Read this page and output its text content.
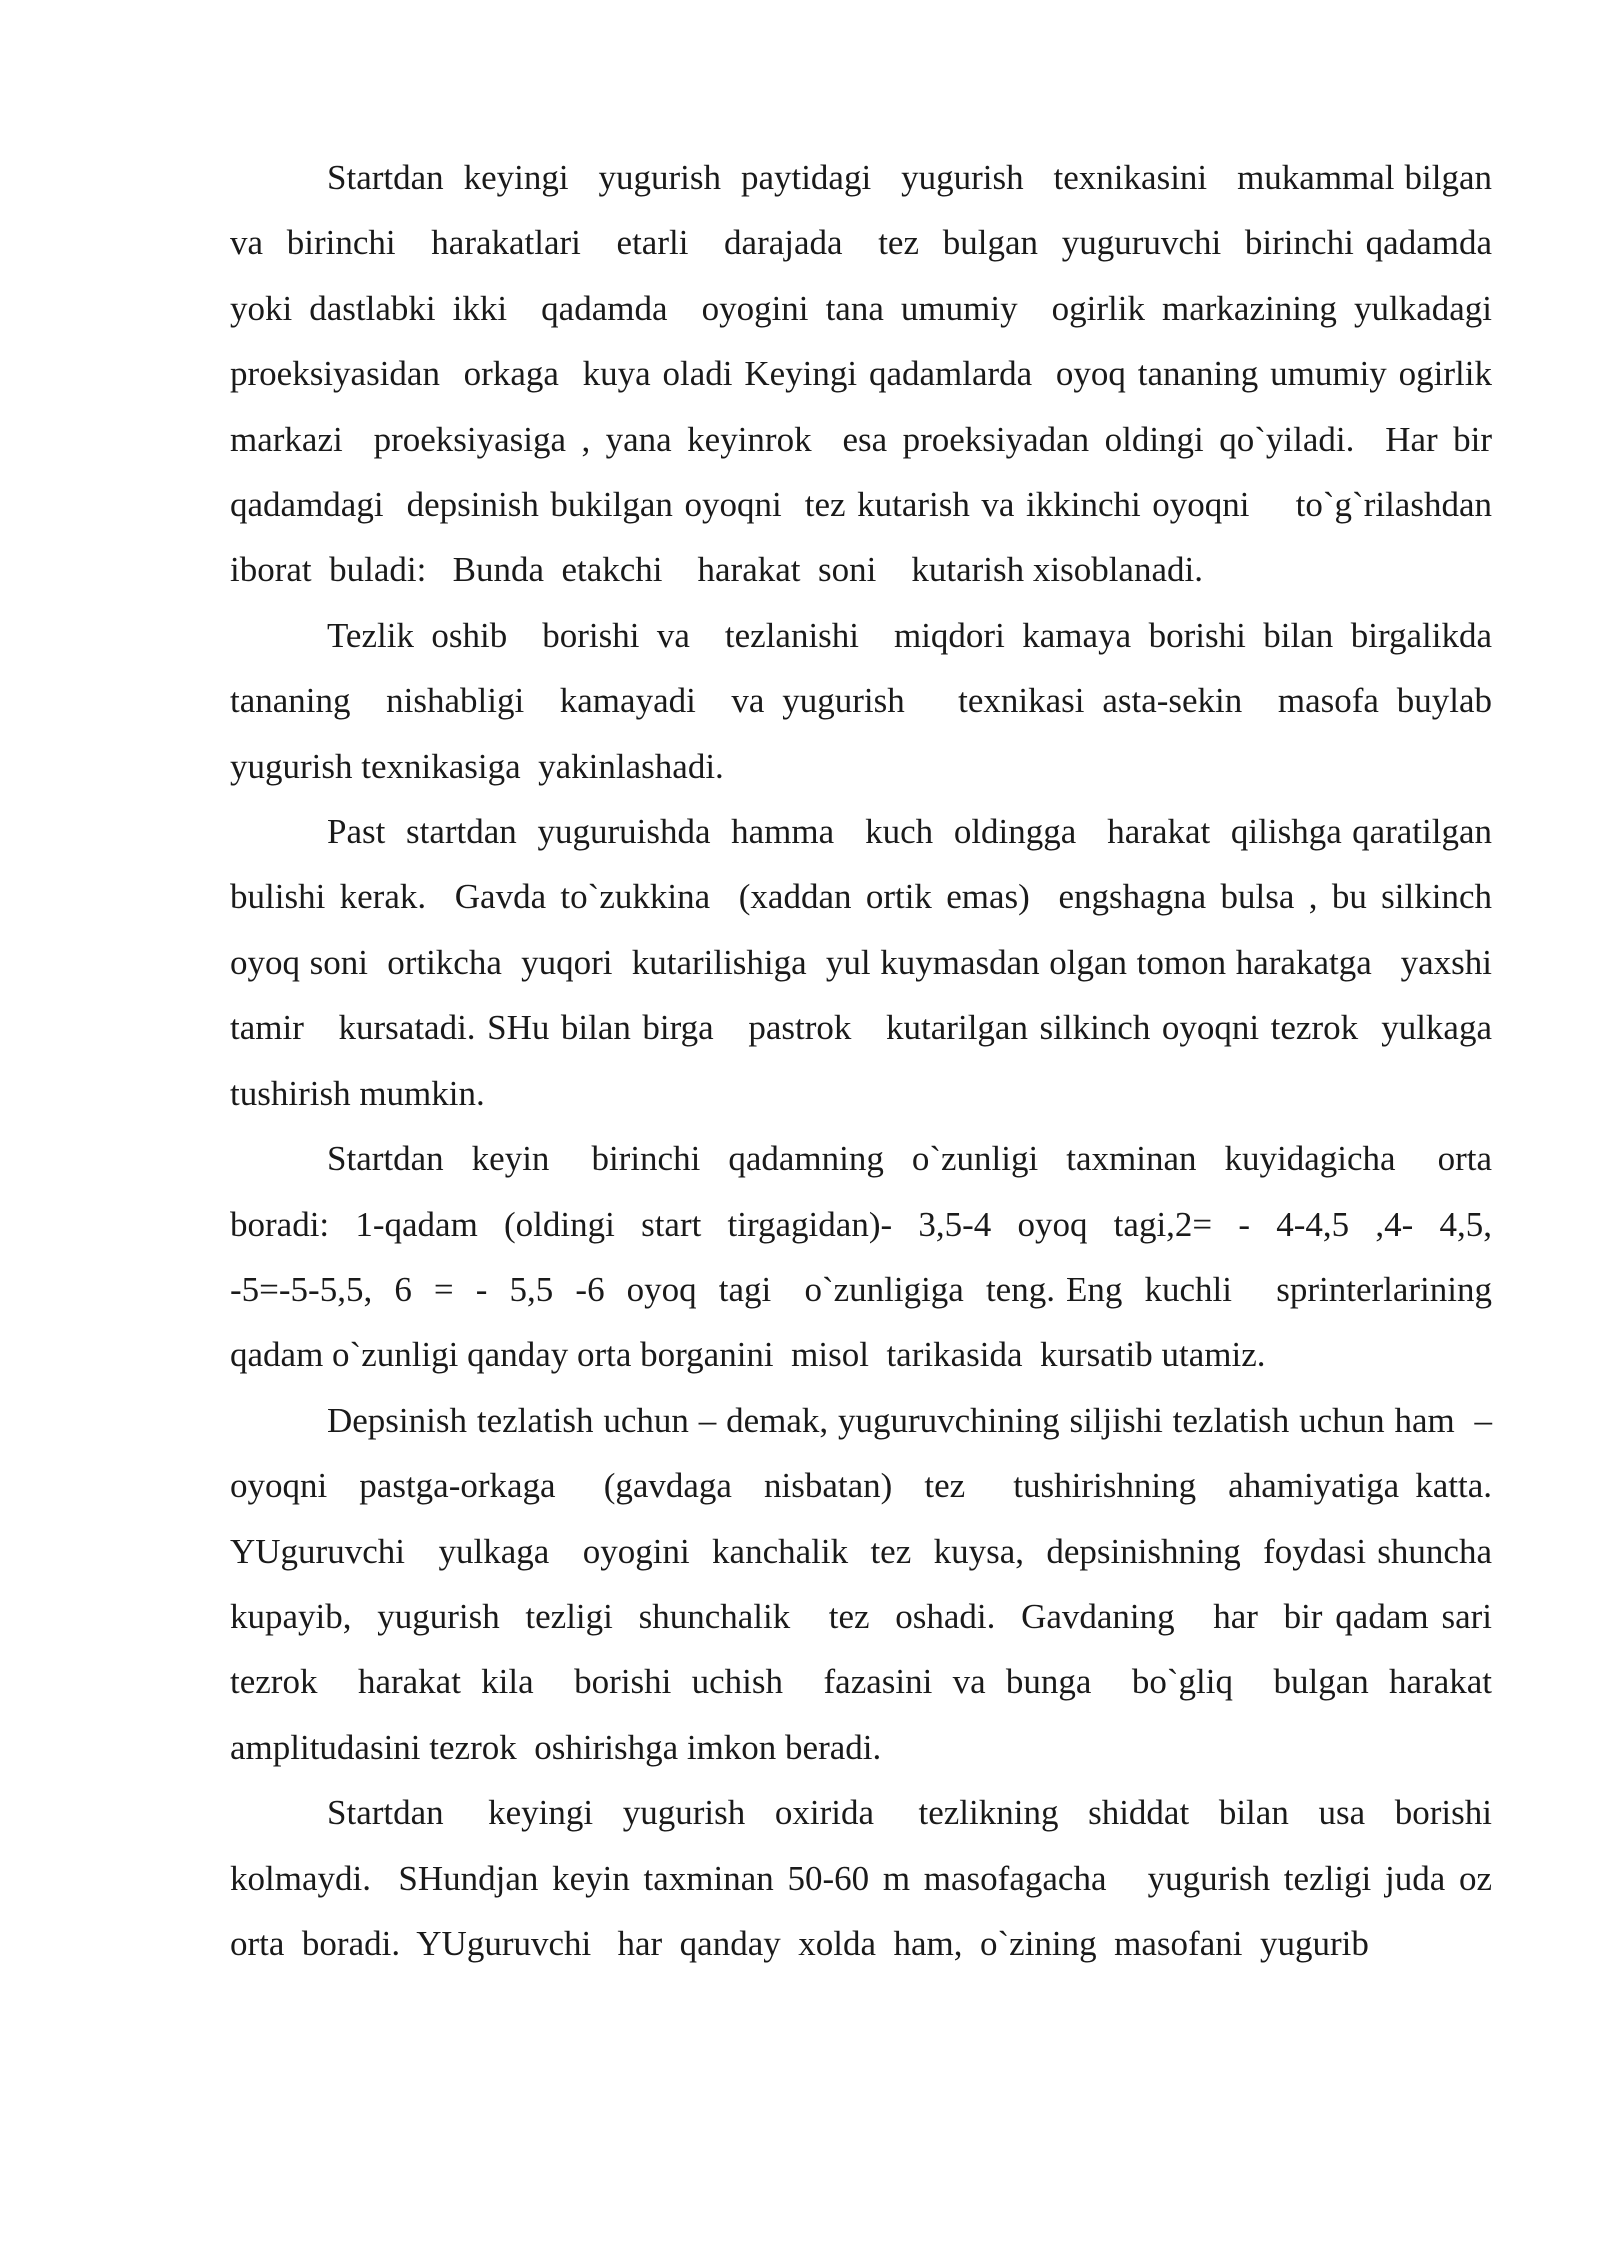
Startdan  keyingi   yugurish  paytidagi   yugurish   texnikasini   mukammal bilgan  va  birinchi   harakatlari   etarli   darajada   tez  bulgan  yuguruvchi  birinchi qadamda  yoki dastlabki ikki  qadamda  oyogini tana umumiy  ogirlik markazining yulkadagi  proeksiyasidan  orkaga  kuya oladi Keyingi qadamlarda  oyoq tananing umumiy ogirlik markazi  proeksiyasiga , yana keyinrok  esa proeksiyadan oldingi qo`yiladi.  Har bir  qadamdagi  depsinish bukilgan oyoqni  tez kutarish va ikkinchi oyoqni    to`g`rilashdan    iborat  buladi:   Bunda  etakchi    harakat  soni    kutarish xisoblanadi.

Tezlik oshib  borishi va  tezlanishi  miqdori kamaya borishi bilan birgalikda tananing  nishabligi  kamayadi  va yugurish   texnikasi asta-sekin  masofa buylab yugurish texnikasiga  yakinlashadi.

Past  startdan  yuguruishda  hamma   kuch  oldingga   harakat  qilishga qaratilgan bulishi kerak.  Gavda to`zukkina  (xaddan ortik emas)  engshagna bulsa , bu silkinch oyoq soni  ortikcha  yuqori  kutarilishiga  yul kuymasdan olgan tomon harakatga   yaxshi  tamir   kursatadi. SHu bilan birga   pastrok   kutarilgan silkinch oyoqni tezrok  yulkaga  tushirish mumkin.

Startdan  keyin   birinchi  qadamning  o`zunligi  taxminan  kuyidagicha   orta boradi:  1-qadam  (oldingi  start  tirgagidan)-  3,5-4  oyoq  tagi,2=  -  4-4,5  ,4-  4,5, -5=-5-5,5,  6  =  -  5,5  -6  oyoq  tagi   o`zunligiga  teng. Eng  kuchli    sprinterlarining qadam o`zunligi qanday orta borganini  misol  tarikasida  kursatib utamiz.

Depsinish tezlatish uchun – demak, yuguruvchining siljishi tezlatish uchun ham  –  oyoqni  pastga-orkaga   (gavdaga  nisbatan)  tez   tushirishning  ahamiyatiga katta.  YUguruvchi   yulkaga   oyogini  kanchalik  tez  kuysa,  depsinishning  foydasi shuncha   kupayib,  yugurish  tezligi  shunchalik   tez  oshadi.  Gavdaning   har  bir qadam sari tezrok  harakat kila  borishi uchish  fazasini va bunga  bo`gliq  bulgan harakat amplitudasini tezrok  oshirishga imkon beradi.

Startdan   keyingi  yugurish  oxirida   tezlikning  shiddat  bilan  usa  borishi kolmaydi.  SHundjan keyin taxminan 50-60 m masofagacha   yugurish tezligi juda oz   orta  boradi.  YUguruvchi   har  qanday  xolda  ham,  o`zining  masofani  yugurib
